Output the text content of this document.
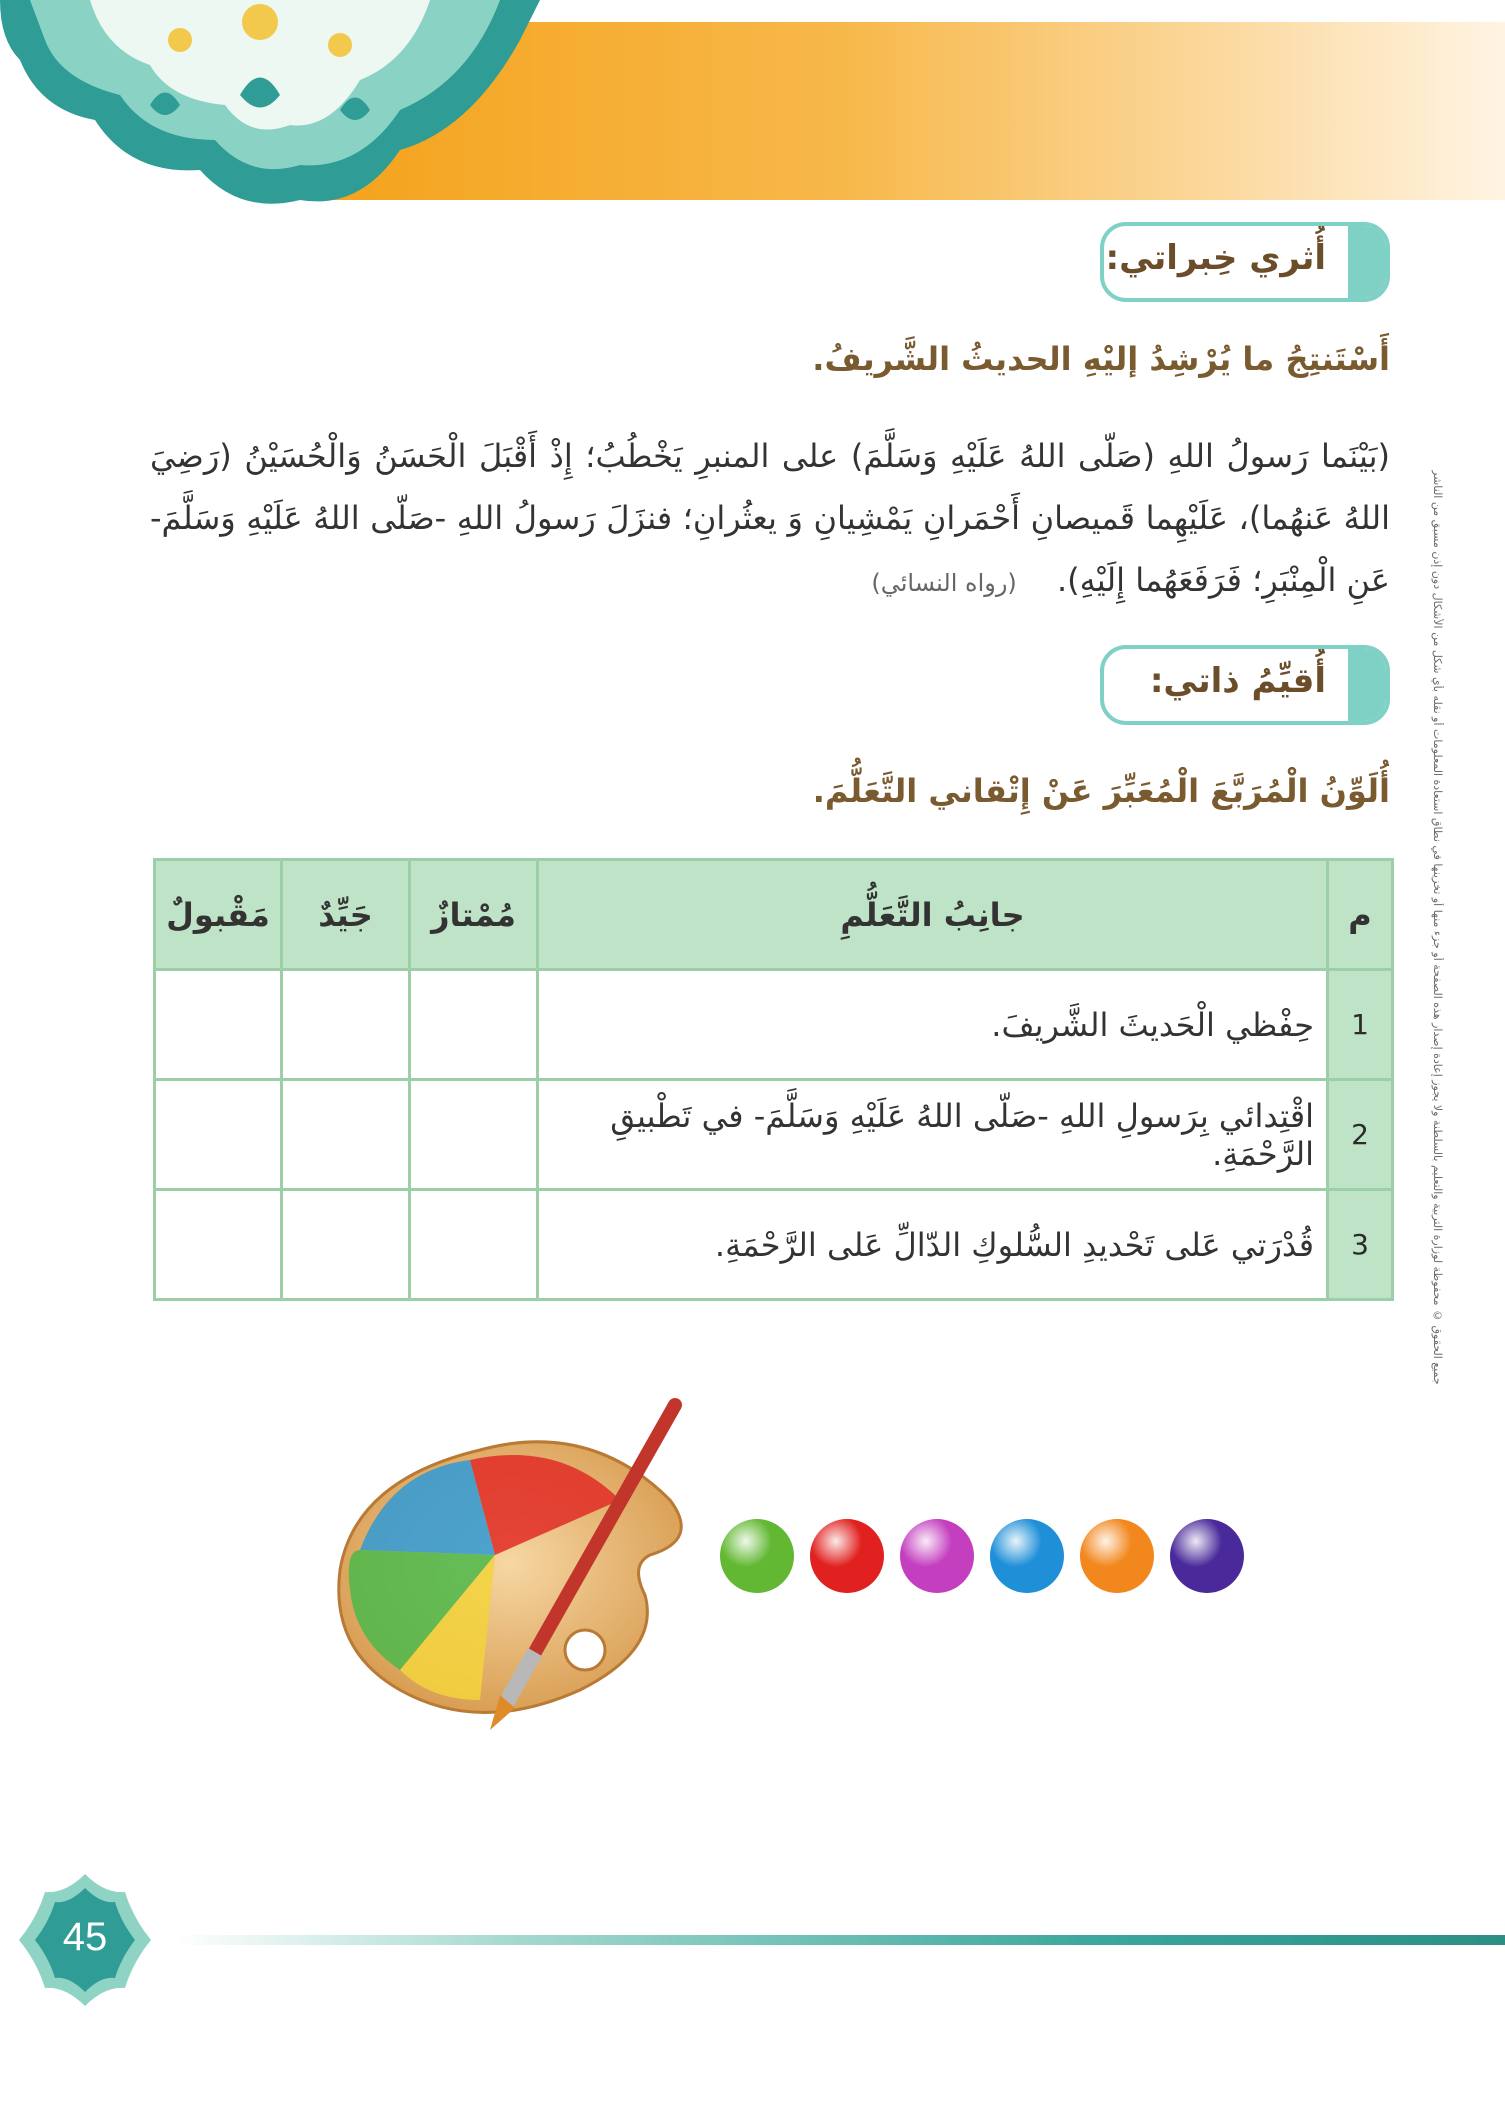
جميع الحقوق © محفوظة لوزارة التربية والتعليم بالسلطنة ولا يجوز إعادة إصدار هذه الصفحة أو جزء منها أو تخزينها في نطاق استعادة المعلومات أو نقله بأي شكل من الأشكال دون إذن مسبق من الناشر
أُثري خِبراتي:
أَسْتَنتِجُ ما يُرْشِدُ إليْهِ الحديثُ الشَّريفُ.
(بَيْنَما رَسولُ اللهِ (صَلّى اللهُ عَلَيْهِ وَسَلَّمَ) على المنبرِ يَخْطُبُ؛ إِذْ أَقْبَلَ الْحَسَنُ وَالْحُسَيْنُ (رَضِيَ اللهُ عَنهُما)، عَلَيْهِما قَميصانِ أَحْمَرانِ يَمْشِيانِ وَ يعثُرانِ؛ فنزَلَ رَسولُ اللهِ -صَلّى اللهُ عَلَيْهِ وَسَلَّمَ- عَنِ الْمِنْبَرِ؛ فَرَفَعَهُما إِلَيْهِ). (رواه النسائي)
أُقيِّمُ ذاتي:
أُلَوِّنُ الْمُرَبَّعَ الْمُعَبِّرَ عَنْ إِتْقاني التَّعَلُّمَ.
م	جانِبُ التَّعَلُّمِ	مُمْتازٌ	جَيِّدٌ	مَقْبولٌ
1	حِفْظي الْحَديثَ الشَّريفَ.			
2	اقْتِدائي بِرَسولِ اللهِ -صَلّى اللهُ عَلَيْهِ وَسَلَّمَ- في تَطْبيقِ الرَّحْمَةِ.			
3	قُدْرَتي عَلى تَحْديدِ السُّلوكِ الدّالِّ عَلى الرَّحْمَةِ.			
45
